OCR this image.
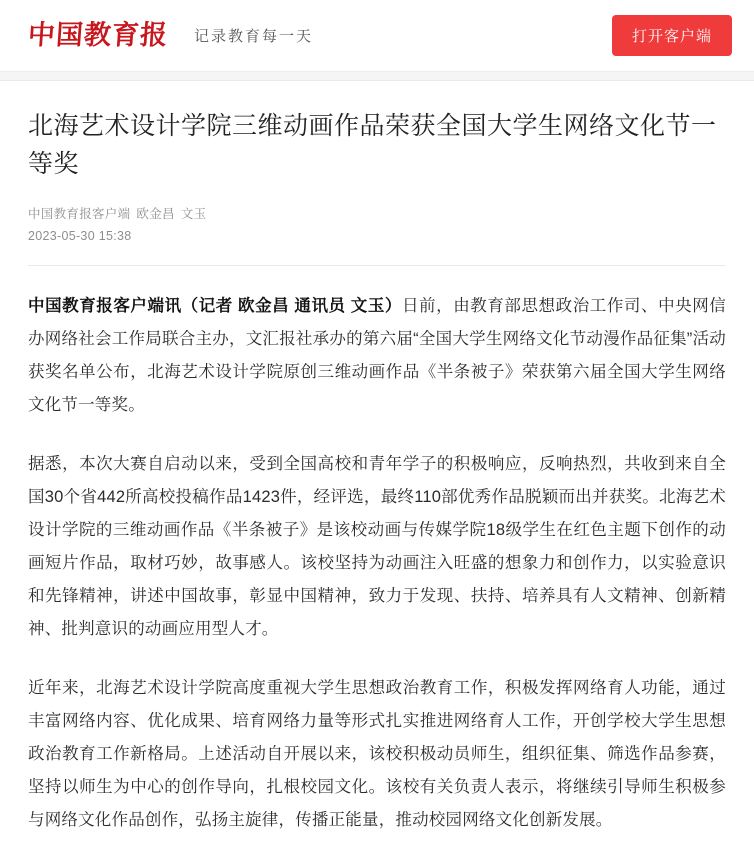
中国教育报 记录教育每一天	打开客户端
北海艺术设计学院三维动画作品荣获全国大学生网络文化节一等奖
中国教育报客户端 欧金昌 文玉
2023-05-30 15:38

中国教育报客户端讯（记者 欧金昌 通讯员 文玉）日前，由教育部思想政治工作司、中央网信办网络社会工作局联合主办，文汇报社承办的第六届“全国大学生网络文化节动漫作品征集”活动获奖名单公布，北海艺术设计学院原创三维动画作品《半条被子》荣获第六届全国大学生网络文化节一等奖。

据悉，本次大赛自启动以来，受到全国高校和青年学子的积极响应，反响热烈，共收到来自全国30个省442所高校投稿作品1423件，经评选，最终110部优秀作品脱颖而出并获奖。北海艺术设计学院的三维动画作品《半条被子》是该校动画与传媒学院18级学生在红色主题下创作的动画短片作品，取材巧妙，故事感人。该校坚持为动画注入旺盛的想象力和创作力，以实验意识和先锋精神，讲述中国故事，彰显中国精神，致力于发现、扶持、培养具有人文精神、创新精神、批判意识的动画应用型人才。

近年来，北海艺术设计学院高度重视大学生思想政治教育工作，积极发挥网络育人功能，通过丰富网络内容、优化成果、培育网络力量等形式扎实推进网络育人工作，开创学校大学生思想政治教育工作新格局。上述活动自开展以来，该校积极动员师生，组织征集、筛选作品参赛，坚持以师生为中心的创作导向，扎根校园文化。该校有关负责人表示，将继续引导师生积极参与网络文化作品创作，弘扬主旋律，传播正能量，推动校园网络文化创新发展。
